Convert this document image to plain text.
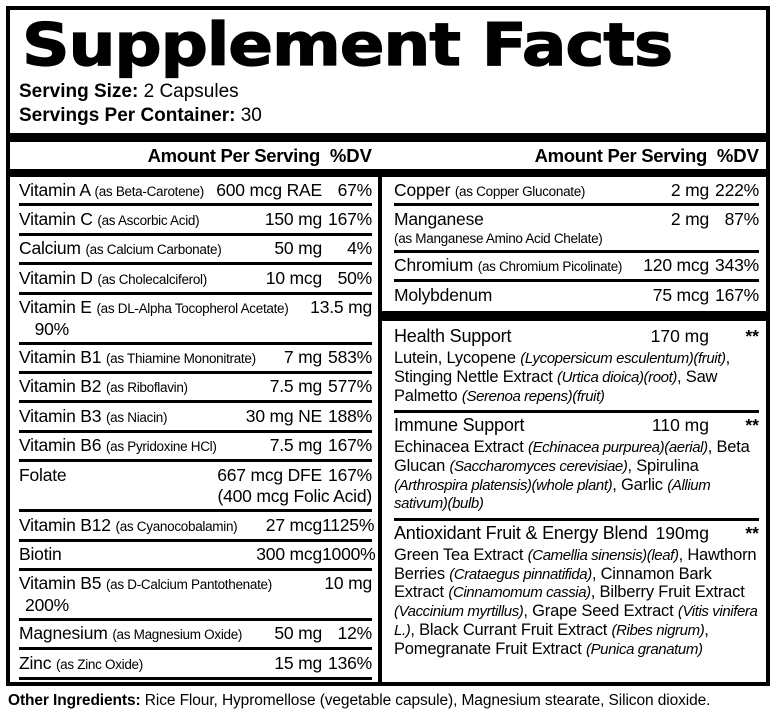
Supplement Facts
Serving Size: 2 Capsules
Servings Per Container: 30
Amount Per Serving %DV	Amount Per Serving %DV
Vitamin A (as Beta-Carotene) 600 mcg RAE 67%
Vitamin C (as Ascorbic Acid)	150 mg 167%
Calcium (as Calcium Carbonate)	50 mg	4%
Vitamin D (as Cholecalciferol)	10 mcg 50%
Vitamin E (as DL-Alpha Tocopherol Acetate) 13.5 mg
90%
Vitamin B1 (as Thiamine Mononitrate) 7 mg 583%
Vitamin B2 (as Riboflavin)	7.5 mg 577%
Vitamin B3 (as Niacin)	30 mg NE 188%
Vitamin B6 (as Pyridoxine HCl)	7.5 mg 167%
Folate	667 mcg DFE 167%
(400 mcg Folic Acid)
Vitamin B12 (as Cyanocobalamin) 27 mcg 1125%
Biotin	300 mcg 1000%
Vitamin B5 (as D-Calcium Pantothenate)	10 mg
200%
Magnesium (as Magnesium Oxide) 50 mg 12%
Zinc (as Zinc Oxide)	15 mg 136%
Copper (as Copper Gluconate)	2 mg 222%
Manganese
(as Manganese Amino Acid Chelate)
2 mg 87%
Chromium (as Chromium Picolinate) 120 mcg 343%
Molybdenum	75 mcg 167%
Health Support	170 mg	**
Lutein, Lycopene (Lycopersicum esculentum)(fruit), Stinging Nettle Extract (Urtica dioica)(root), Saw Palmetto (Serenoa repens)(fruit)
Immune Support	110 mg	**
Echinacea Extract (Echinacea purpurea)(aerial), Beta Glucan (Saccharomyces cerevisiae), Spirulina (Arthrospira platensis)(whole plant), Garlic (Allium sativum)(bulb)
Antioxidant Fruit & Energy Blend 190mg	**
Green Tea Extract (Camellia sinensis)(leaf), Hawthorn Berries (Crataegus pinnatifida), Cinnamon Bark Extract (Cinnamomum cassia), Bilberry Fruit Extract (Vaccinium myrtillus), Grape Seed Extract (Vitis vinifera L.), Black Currant Fruit Extract (Ribes nigrum), Pomegranate Fruit Extract (Punica granatum)
Other Ingredients: Rice Flour, Hypromellose (vegetable capsule), Magnesium stearate, Silicon dioxide.
